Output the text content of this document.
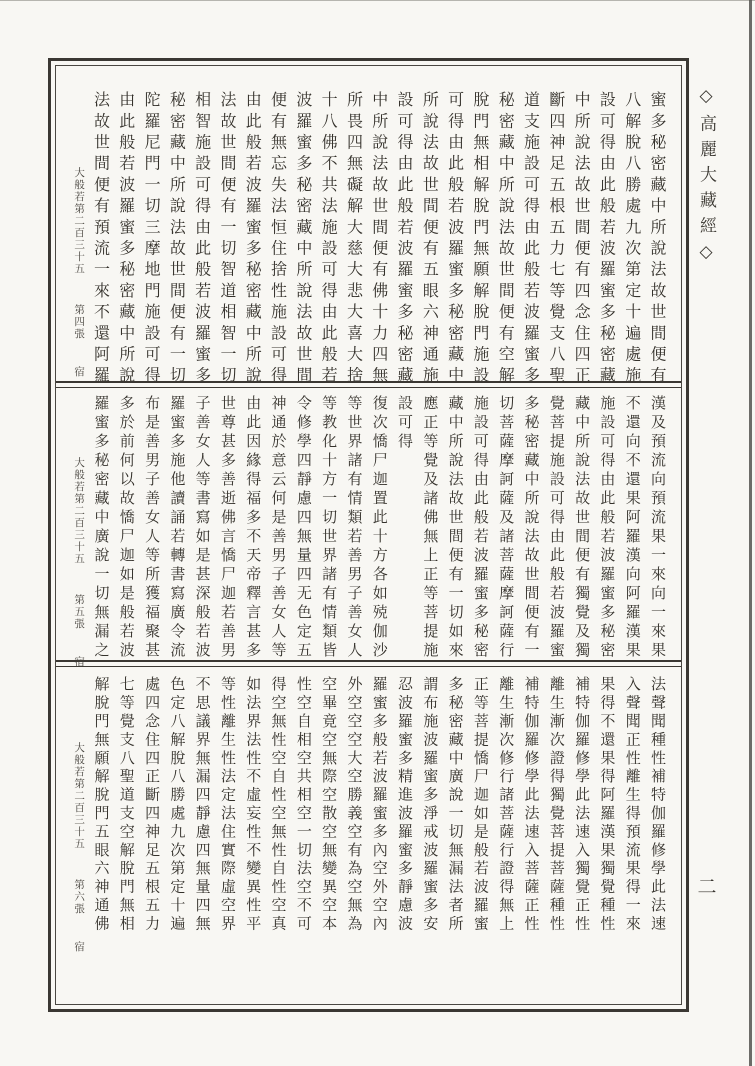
蜜多秘密藏中所說法故世間便有
八解脫八勝處九次第定十遍處施
設可得由此般若波羅蜜多秘密藏
中所說法故世間便有四念住四正
斷四神足五根五力七等覺支八聖
道支施設可得由此般若波羅蜜多
秘密藏中所說法故世間便有空解
脫門無相解脫門無願解脫門施設
可得由此般若波羅蜜多秘密藏中
所說法故世間便有五眼六神通施
設可得由此般若波羅蜜多秘密藏
中所說法故世間便有佛十力四無
所畏四無礙解大慈大悲大喜大捨
十八佛不共法施設可得由此般若
波羅蜜多秘密藏中所說法故世間
便有無忘失法恒住捨性施設可得
由此般若波羅蜜多秘密藏中所說
法故世間便有一切智道相智一切
相智施設可得由此般若波羅蜜多
秘密藏中所說法故世間便有一切
陀羅尼門一切三摩地門施設可得
由此般若波羅蜜多秘密藏中所說
法故世間便有預流一來不還阿羅
大般若第二百三十五 第四張 宿
漢及預流向預流果一來向一來果
不還向不還果阿羅漢向阿羅漢果
施設可得由此般若波羅蜜多秘密
藏中所說法故世間便有獨覺及獨
覺菩提施設可得由此般若波羅蜜
多秘密藏中所說法故世間便有一
切菩薩摩訶薩及諸菩薩摩訶薩行
施設可得由此般若波羅蜜多秘密
藏中所說法故世間便有一切如來
應正等覺及諸佛無上正等菩提施
設可得
復次憍尸迦置此十方各如殑伽沙
等世界諸有情類若善男子善女人
等教化十方一切世界諸有情類皆
令修學四靜慮四無量四无色定五
神通於意云何是善男子善女人等
由此因緣得福多不天帝釋言甚多
世尊甚多善逝佛言憍尸迦若善男
子善女人等書寫如是甚深般若波
羅蜜多施他讀誦若轉書寫廣令流
布是善男子善女人等所獲福聚甚
多於前何以故憍尸迦如是般若波
羅蜜多秘密藏中廣說一切無漏之
大般若第二百三十五 第五張 宿
法聲聞種性補特伽羅修學此法速
入聲聞正性離生得預流果得一來
果得不還果得阿羅漢果獨覺種性
補特伽羅修學此法速入獨覺正性
離生漸次證得獨覺菩提菩薩種性
補特伽羅修學此法速入菩薩正性
離生漸次修行諸菩薩行證得無上
正等菩提憍尸迦如是般若波羅蜜
多秘密藏中廣說一切無漏法者所
謂布施波羅蜜多淨戒波羅蜜多安
忍波羅蜜多精進波羅蜜多靜慮波
羅蜜多般若波羅蜜多內空外空內
外空空空大空勝義空有為空無為
空畢竟空無際空散空無變異空本
性空自相空共相空一切法空不可
得空無性空自性空無性自性空真
如法界法性不虛妄性不變異性平
等性離生性法定法住實際虛空界
不思議界無漏四靜慮四無量四無
色定八解脫八勝處九次第定十遍
處四念住四正斷四神足五根五力
七等覺支八聖道支空解脫門無相
解脫門無願解脫門五眼六神通佛
大般若第二百三十五 第六張 宿
◇高麗大藏經◇
二
